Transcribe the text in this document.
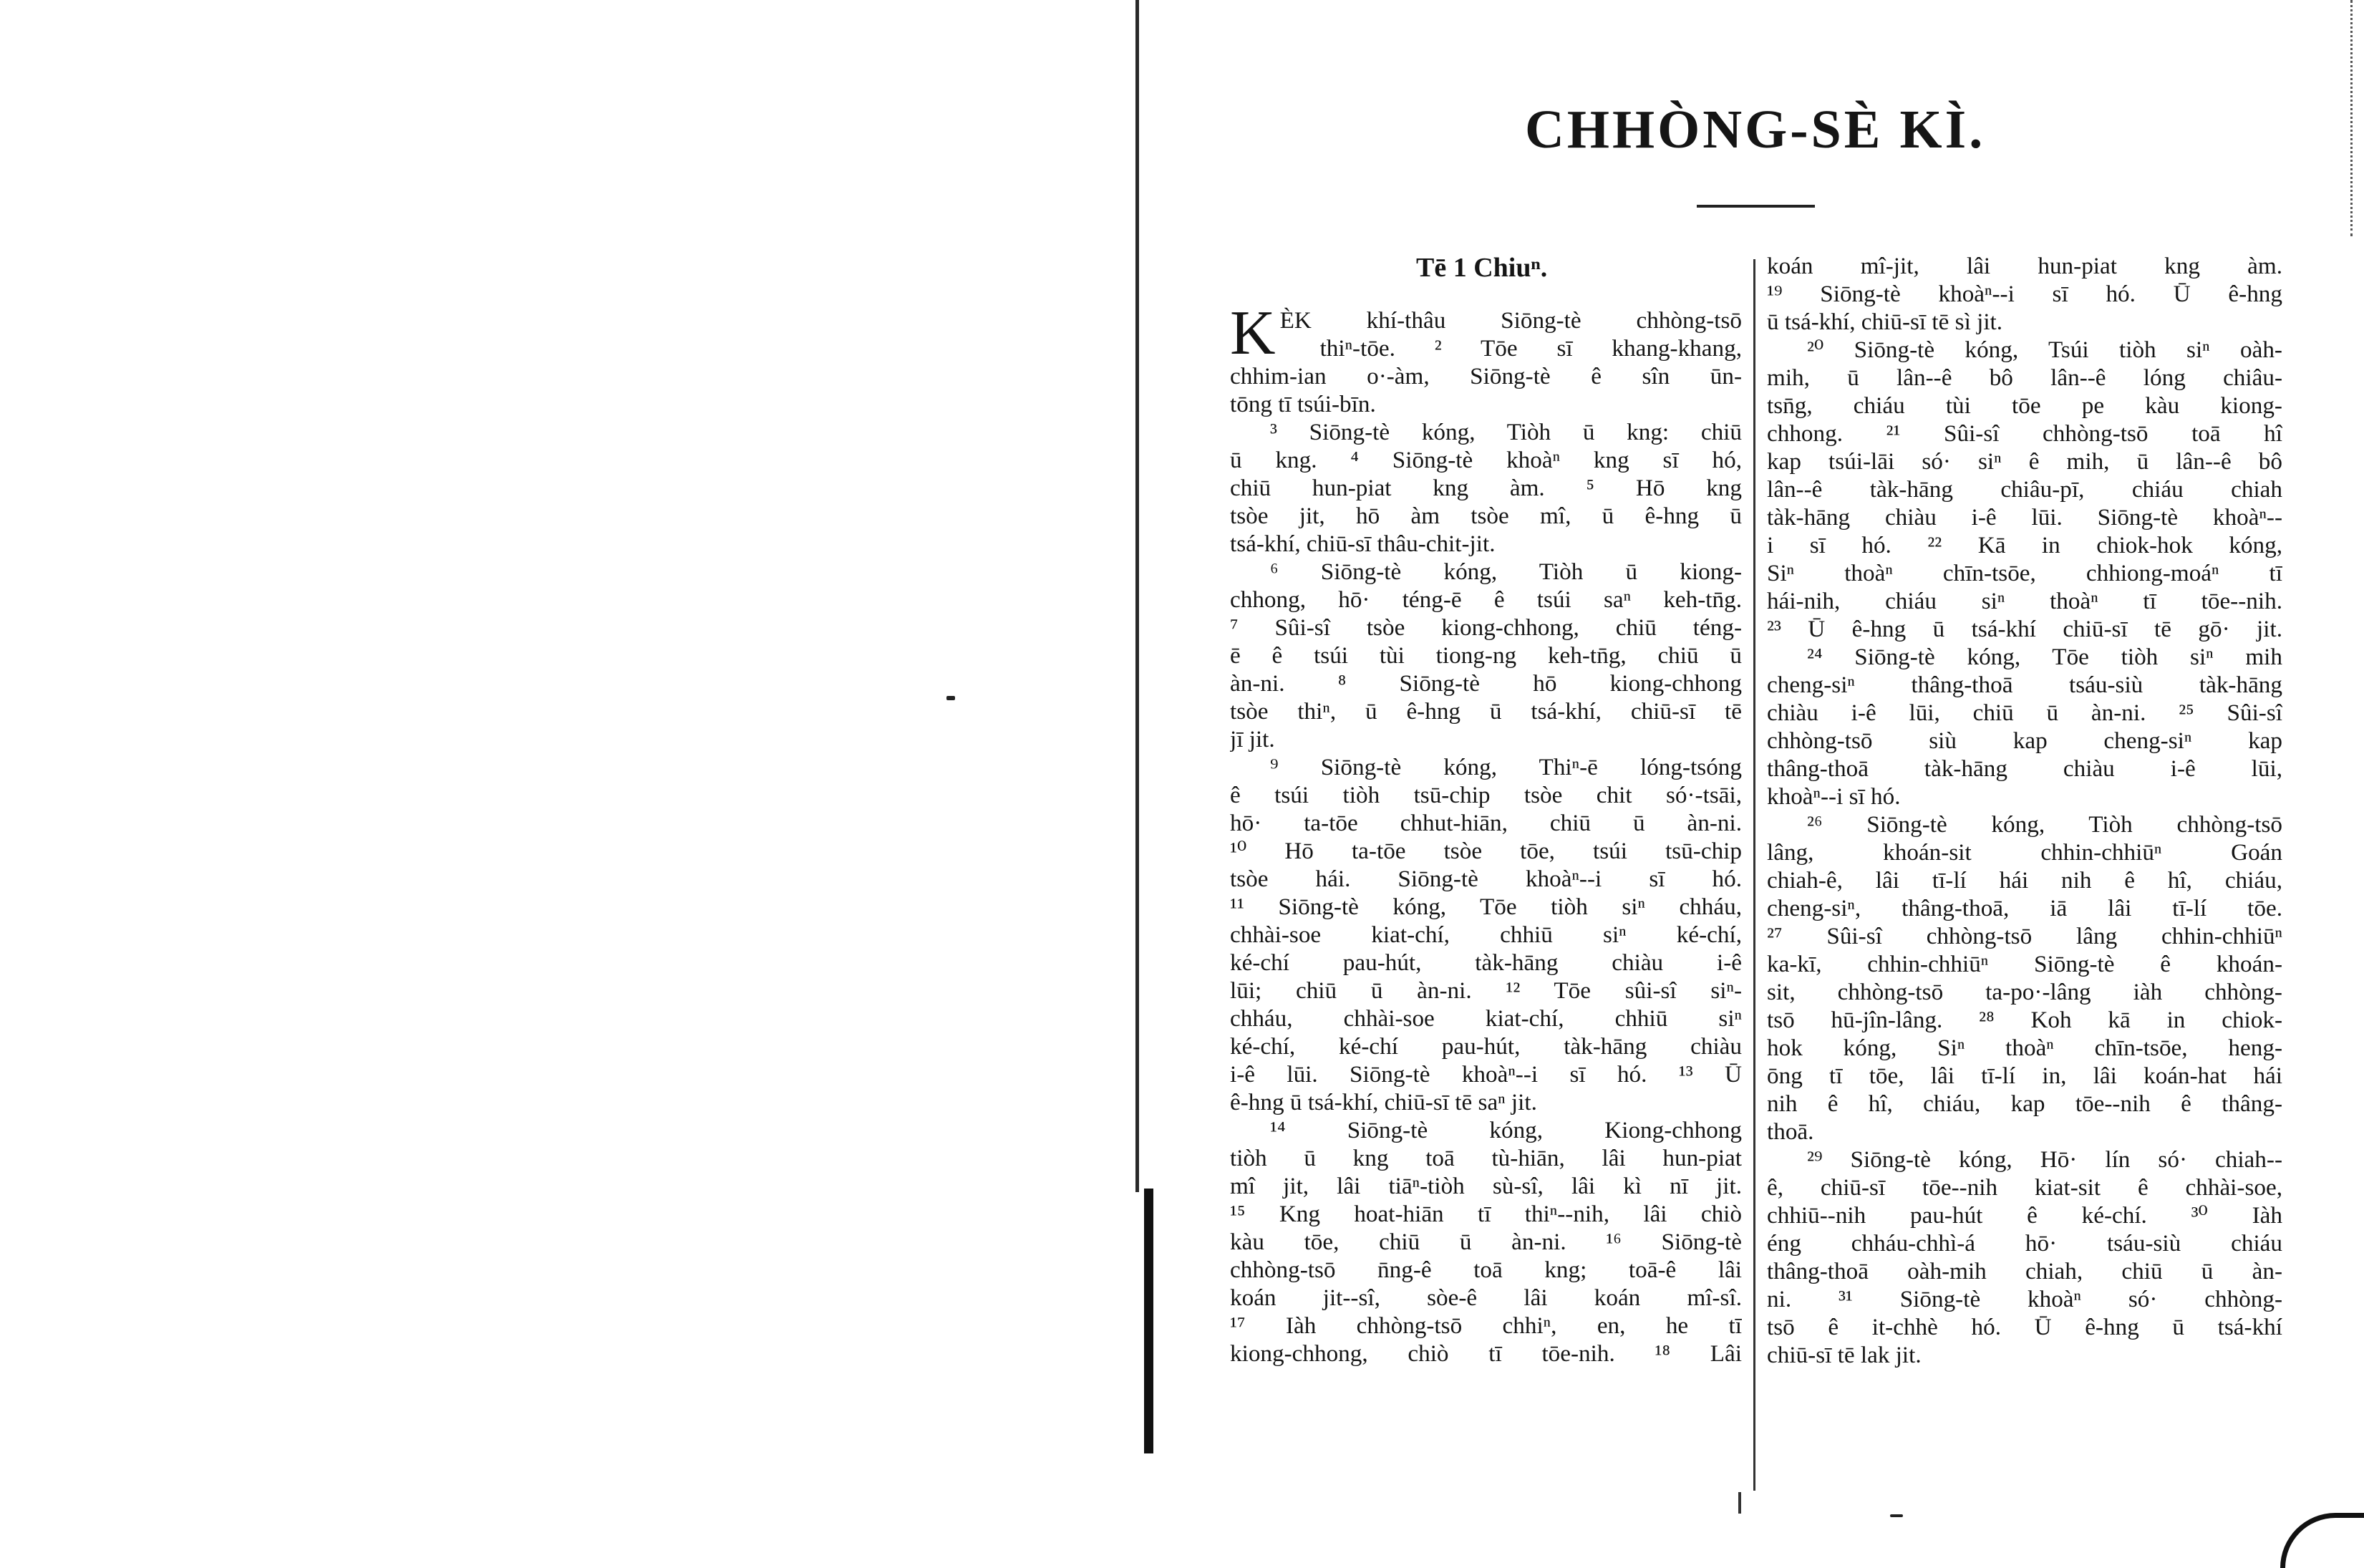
CHHÒNG-SÈ KÌ.
Tē 1 Chiuⁿ.
K ÈK khí-thâu Siōng-tè chhòng-tsō
thiⁿ-tōe. ² Tōe sī khang-khang,
chhim-ian o·-àm, Siōng-tè ê sîn ūn-
tōng tī tsúi-bīn.
³ Siōng-tè kóng, Tiòh ū kng: chiū
ū kng. ⁴ Siōng-tè khoàⁿ kng sī hó,
chiū hun-piat kng àm. ⁵ Hō kng
tsòe jit, hō àm tsòe mî, ū ê-hng ū
tsá-khí, chiū-sī thâu-chit-jit.
⁶ Siōng-tè kóng, Tiòh ū kiong-
chhong, hō· téng-ē ê tsúi saⁿ keh-tn̄g.
⁷ Sûi-sî tsòe kiong-chhong, chiū téng-
ē ê tsúi tùi tiong-ng keh-tn̄g, chiū ū
àn-ni. ⁸ Siōng-tè hō kiong-chhong
tsòe thiⁿ, ū ê-hng ū tsá-khí, chiū-sī tē
jī jit.
⁹ Siōng-tè kóng, Thiⁿ-ē lóng-tsóng
ê tsúi tiòh tsū-chip tsòe chit só·-tsāi,
hō· ta-tōe chhut-hiān, chiū ū àn-ni.
¹⁰ Hō ta-tōe tsòe tōe, tsúi tsū-chip
tsòe hái. Siōng-tè khoàⁿ--i sī hó.
¹¹ Siōng-tè kóng, Tōe tiòh siⁿ chháu,
chhài-soe kiat-chí, chhiū siⁿ ké-chí,
ké-chí pau-hút, tàk-hāng chiàu i-ê
lūi; chiū ū àn-ni. ¹² Tōe sûi-sî siⁿ-
chháu, chhài-soe kiat-chí, chhiū siⁿ
ké-chí, ké-chí pau-hút, tàk-hāng chiàu
i-ê lūi. Siōng-tè khoàⁿ--i sī hó. ¹³ Ū
ê-hng ū tsá-khí, chiū-sī tē saⁿ jit.
¹⁴ Siōng-tè kóng, Kiong-chhong
tiòh ū kng toā tù-hiān, lâi hun-piat
mî jit, lâi tiāⁿ-tiòh sù-sî, lâi kì nī jit.
¹⁵ Kng hoat-hiān tī thiⁿ--nih, lâi chiò
kàu tōe, chiū ū àn-ni. ¹⁶ Siōng-tè
chhòng-tsō n̄ng-ê toā kng; toā-ê lâi
koán jit--sî, sòe-ê lâi koán mî-sî.
¹⁷ Iàh chhòng-tsō chhiⁿ, en, he tī
kiong-chhong, chiò tī tōe-nih. ¹⁸ Lâi
koán mî-jit, lâi hun-piat kng àm.
¹⁹ Siōng-tè khoàⁿ--i sī hó. Ū ê-hng
ū tsá-khí, chiū-sī tē sì jit.
²⁰ Siōng-tè kóng, Tsúi tiòh siⁿ oàh-
mih, ū lân--ê bô lân--ê lóng chiâu-
tsn̄g, chiáu tùi tōe pe kàu kiong-
chhong. ²¹ Sûi-sî chhòng-tsō toā hî
kap tsúi-lāi só· siⁿ ê mih, ū lân--ê bô
lân--ê tàk-hāng chiâu-pī, chiáu chiah
tàk-hāng chiàu i-ê lūi. Siōng-tè khoàⁿ--
i sī hó. ²² Kā in chiok-hok kóng,
Siⁿ thoàⁿ chīn-tsōe, chhiong-moáⁿ tī
hái-nih, chiáu siⁿ thoàⁿ tī tōe--nih.
²³ Ū ê-hng ū tsá-khí chiū-sī tē gō· jit.
²⁴ Siōng-tè kóng, Tōe tiòh siⁿ mih
cheng-siⁿ thâng-thoā tsáu-siù tàk-hāng
chiàu i-ê lūi, chiū ū àn-ni. ²⁵ Sûi-sî
chhòng-tsō siù kap cheng-siⁿ kap
thâng-thoā tàk-hāng chiàu i-ê lūi,
khoàⁿ--i sī hó.
²⁶ Siōng-tè kóng, Tiòh chhòng-tsō
lâng, khoán-sit chhin-chhiūⁿ Goán
chiah-ê, lâi tī-lí hái nih ê hî, chiáu,
cheng-siⁿ, thâng-thoā, iā lâi tī-lí tōe.
²⁷ Sûi-sî chhòng-tsō lâng chhin-chhiūⁿ
ka-kī, chhin-chhiūⁿ Siōng-tè ê khoán-
sit, chhòng-tsō ta-po·-lâng iàh chhòng-
tsō hū-jîn-lâng. ²⁸ Koh kā in chiok-
hok kóng, Siⁿ thoàⁿ chīn-tsōe, heng-
ōng tī tōe, lâi tī-lí in, lâi koán-hat hái
nih ê hî, chiáu, kap tōe--nih ê thâng-
thoā.
²⁹ Siōng-tè kóng, Hō· lín só· chiah--
ê, chiū-sī tōe--nih kiat-sit ê chhài-soe,
chhiū--nih pau-hút ê ké-chí. ³⁰ Iàh
éng chháu-chhì-á hō· tsáu-siù chiáu
thâng-thoā oàh-mih chiah, chiū ū àn-
ni. ³¹ Siōng-tè khoàⁿ só· chhòng-
tsō ê it-chhè hó. Ū ê-hng ū tsá-khí
chiū-sī tē lak jit.
